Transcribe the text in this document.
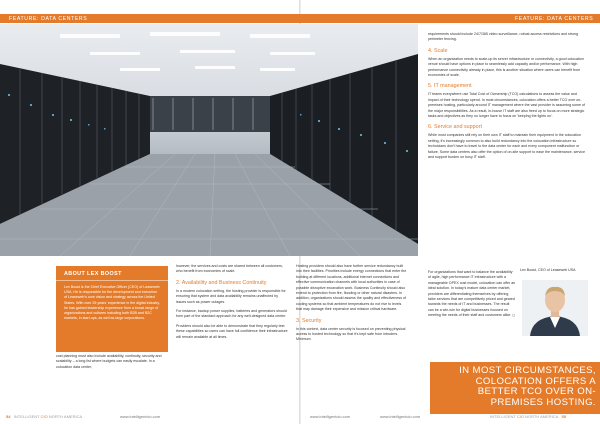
FEATURE: DATA CENTERS	FEATURE: DATA CENTERS
ABOUT LEX BOOST
Lex Boost is the Chief Executive Officer (CEO) of Leaseweb USA. He is responsible for the development and execution of Leaseweb's core vision and strategy across the United States. With over 25 years' experience in the digital industry, he has gained leadership experience from a broad range of organizations and cultures including both B2B and B2C markets, in start-ups, as well as large corporations.

cost planning must also include availability, continuity, security and scalability – a long list where budgets can easily escalate. In a colocation data center,

however, the services and costs are shared between all customers, who benefit from economies of scale.

2. Availability and Business Continuity

In a modern colocation setting, the hosting provider is responsible for ensuring that system and data availability remains unaffected by issues such as power outages.

For instance, backup power supplies, batteries and generators should form part of the standard approach for any well-designed data center.

Providers should also be able to demonstrate that they regularly test these capabilities so users can have full confidence their infrastructure will remain available at all times.

Hosting providers should also have further service redundancy built into their facilities. Priorities include energy connections that enter the building at different locations, additional internet connections and effective communication channels with local authorities in case of possible disruptive excavation work. Business Continuity should also extend to protection from fire, flooding or other natural disasters. In addition, organizations should assess the quality and effectiveness of cooling systems so that ambient temperatures do not rise to levels that may damage their expensive and mission critical hardware.

3. Security

In this context, data center security is focused on preventing physical access to hosted technology so that it's kept safe from intruders. Minimum

requirements should include 24/7/365 video surveillance, robust access restrictions and strong perimeter fencing.

4. Scale

When an organization needs to scale-up its server infrastructure or connectivity, a good colocation venue should have options in place to seamlessly add capacity and/or performance. With high performance connectivity already in place, this is another situation where users can benefit from economies of scale.

5. IT management

IT teams everywhere use Total Cost of Ownership (TCO) calculations to assess the value and impact of their technology spend. In most circumstances, colocation offers a better TCO over on-premises hosting, particularly around IT management where the vast provider is assuming some of the major responsibilities. As a result, in-house IT staff are also freed up to focus on more strategic tasks and objectives as they no longer have to focus on 'keeping the lights on'.

6. Service and support

While most companies still rely on their own IT staff to maintain their equipment in the colocation setting, it's increasingly common to also build redundancy into the colocation infrastructure so technicians don't have to travel to the data center for each and every component malfunction or failure. Some data centers also offer the option of on-site support to ease the maintenance, service and support burden on busy IT staff.

For organizations that want to balance the availability of agile, high performance IT infrastructure with a manageable OPEX cost model, colocation can offer an ideal solution. In today's mature data center market, providers are differentiating themselves by offering tailor services that are competitively priced and geared towards the needs of IT and businesses. The result can be a win-win for digital businesses focused on meeting the needs of their staff and customers alike. ◻

Lex Boost, CEO of Leaseweb USA
IN MOST CIRCUMSTANCES, COLOCATION OFFERS A BETTER TCO OVER ON-PREMISES HOSTING.
54 INTELLIGENT CIO NORTH AMERICA	www.intelligentcio.com	www.intelligentcio.com	www.intelligentcio.com	INTELLIGENT CIO NORTH AMERICA 55
